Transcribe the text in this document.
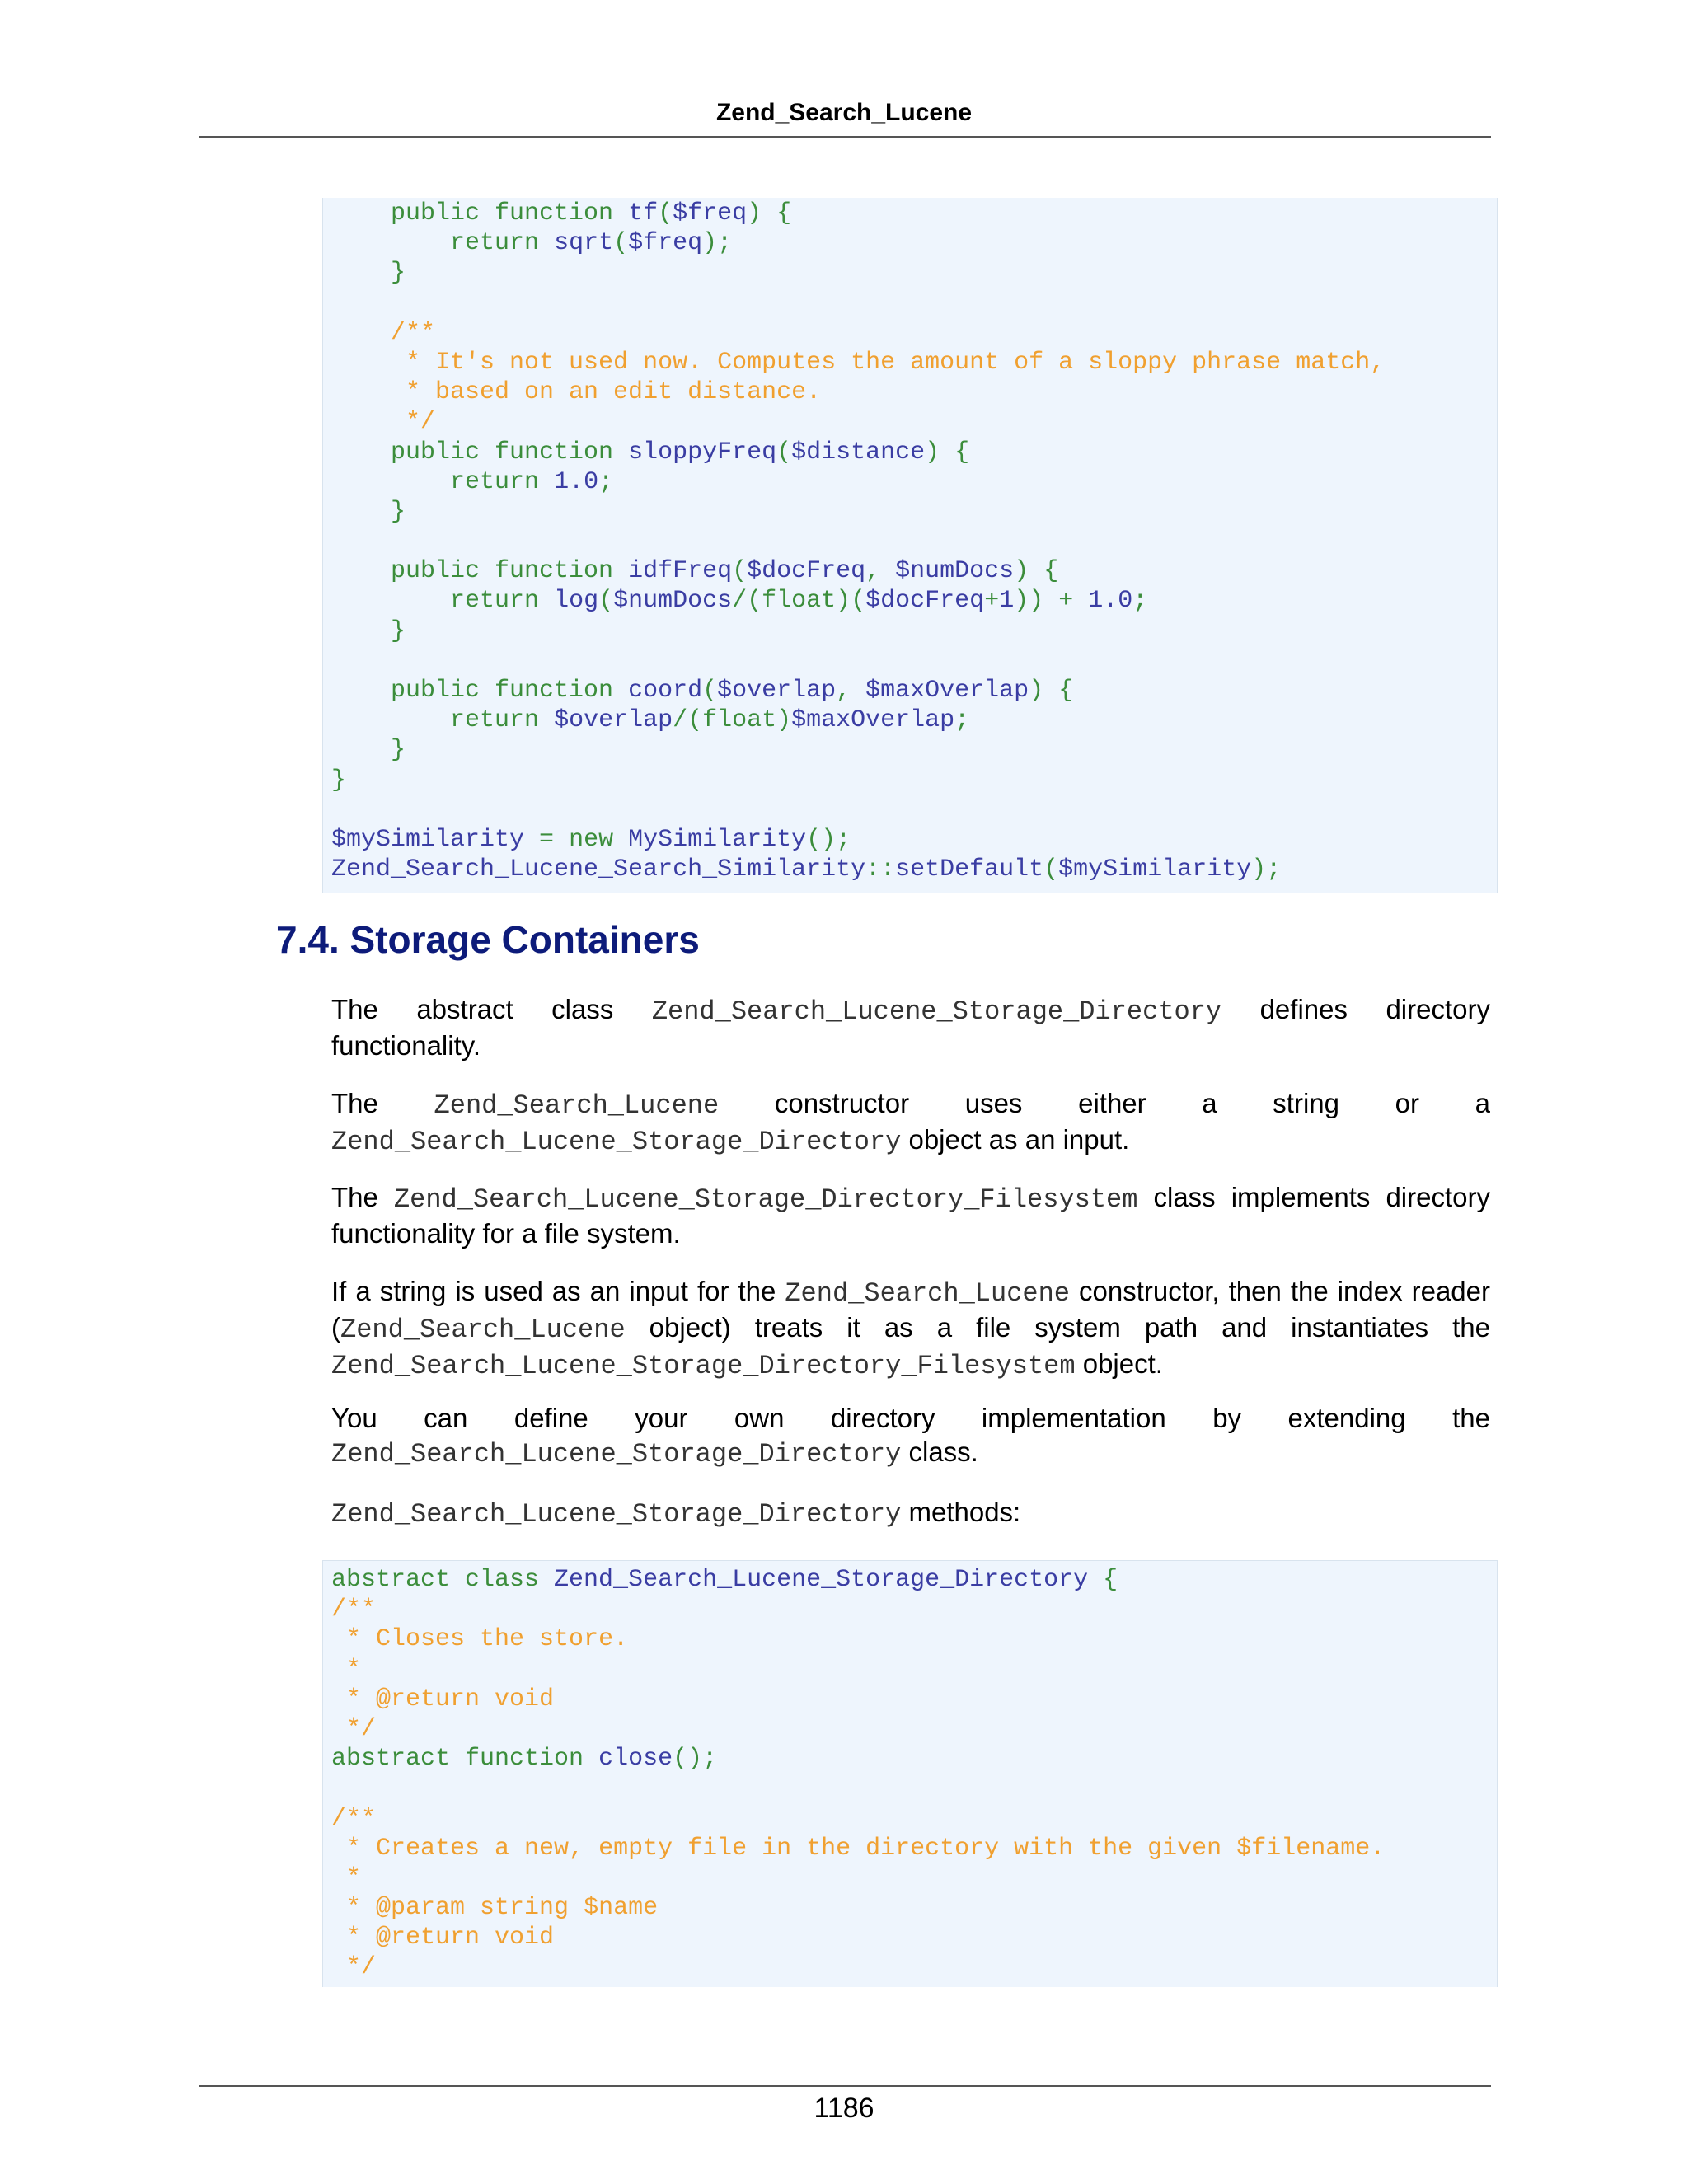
Zend_Search_Lucene
public function tf($freq) {
return sqrt($freq);
}
/**
* It's not used now. Computes the amount of a sloppy phrase match,
* based on an edit distance.
*/
public function sloppyFreq($distance) {
return 1.0;
}
public function idfFreq($docFreq, $numDocs) {
return log($numDocs/(float)($docFreq+1)) + 1.0;
}
public function coord($overlap, $maxOverlap) {
return $overlap/(float)$maxOverlap;
}
}
$mySimilarity = new MySimilarity();
Zend_Search_Lucene_Search_Similarity::setDefault($mySimilarity);
7.4. Storage Containers

The abstract class Zend_Search_Lucene_Storage_Directory defines directory functionality.

The Zend_Search_Lucene constructor uses either a string or a Zend_Search_Lucene_Storage_Directory object as an input.

The Zend_Search_Lucene_Storage_Directory_Filesystem class implements directory functionality for a file system.

If a string is used as an input for the Zend_Search_Lucene constructor, then the index reader (Zend_Search_Lucene object) treats it as a file system path and instantiates the Zend_Search_Lucene_Storage_Directory_Filesystem object.

You can define your own directory implementation by extending the Zend_Search_Lucene_Storage_Directory class.

Zend_Search_Lucene_Storage_Directory methods:

abstract class Zend_Search_Lucene_Storage_Directory {
/**
* Closes the store.
*
* @return void
*/
abstract function close();
/**
* Creates a new, empty file in the directory with the given $filename.
*
* @param string $name
* @return void
*/
1186
